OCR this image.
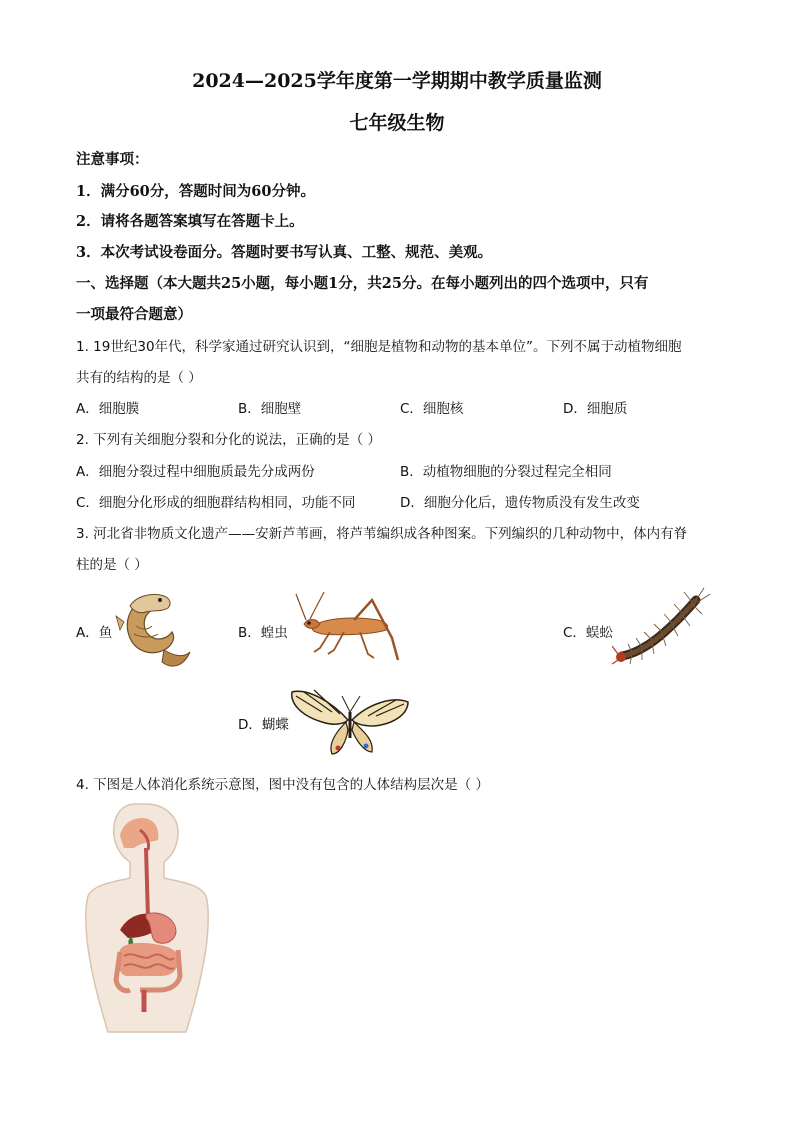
2024—2025学年度第一学期期中教学质量监测
七年级生物
注意事项：
1．满分60分，答题时间为60分钟。
2．请将各题答案填写在答题卡上。
3．本次考试设卷面分。答题时要书写认真、工整、规范、美观。
一、选择题（本大题共25小题，每小题1分，共25分。在每小题列出的四个选项中，只有
一项最符合题意）
1. 19世纪30年代，科学家通过研究认识到，“细胞是植物和动物的基本单位”。下列不属于动植物细胞
共有的结构的是（ ）
A．细胞膜	B．细胞壁	C．细胞核	D．细胞质
2. 下列有关细胞分裂和分化的说法，正确的是（ ）
A．细胞分裂过程中细胞质最先分成两份	B．动植物细胞的分裂过程完全相同
C．细胞分化形成的细胞群结构相同，功能不同	D．细胞分化后，遗传物质没有发生改变
3. 河北省非物质文化遗产——安新芦苇画，将芦苇编织成各种图案。下列编织的几种动物中，体内有脊
柱的是（ ）
A．鱼	B．蝗虫	C．蜈蚣
D．蝴蝶
4. 下图是人体消化系统示意图，图中没有包含的人体结构层次是（ ）
